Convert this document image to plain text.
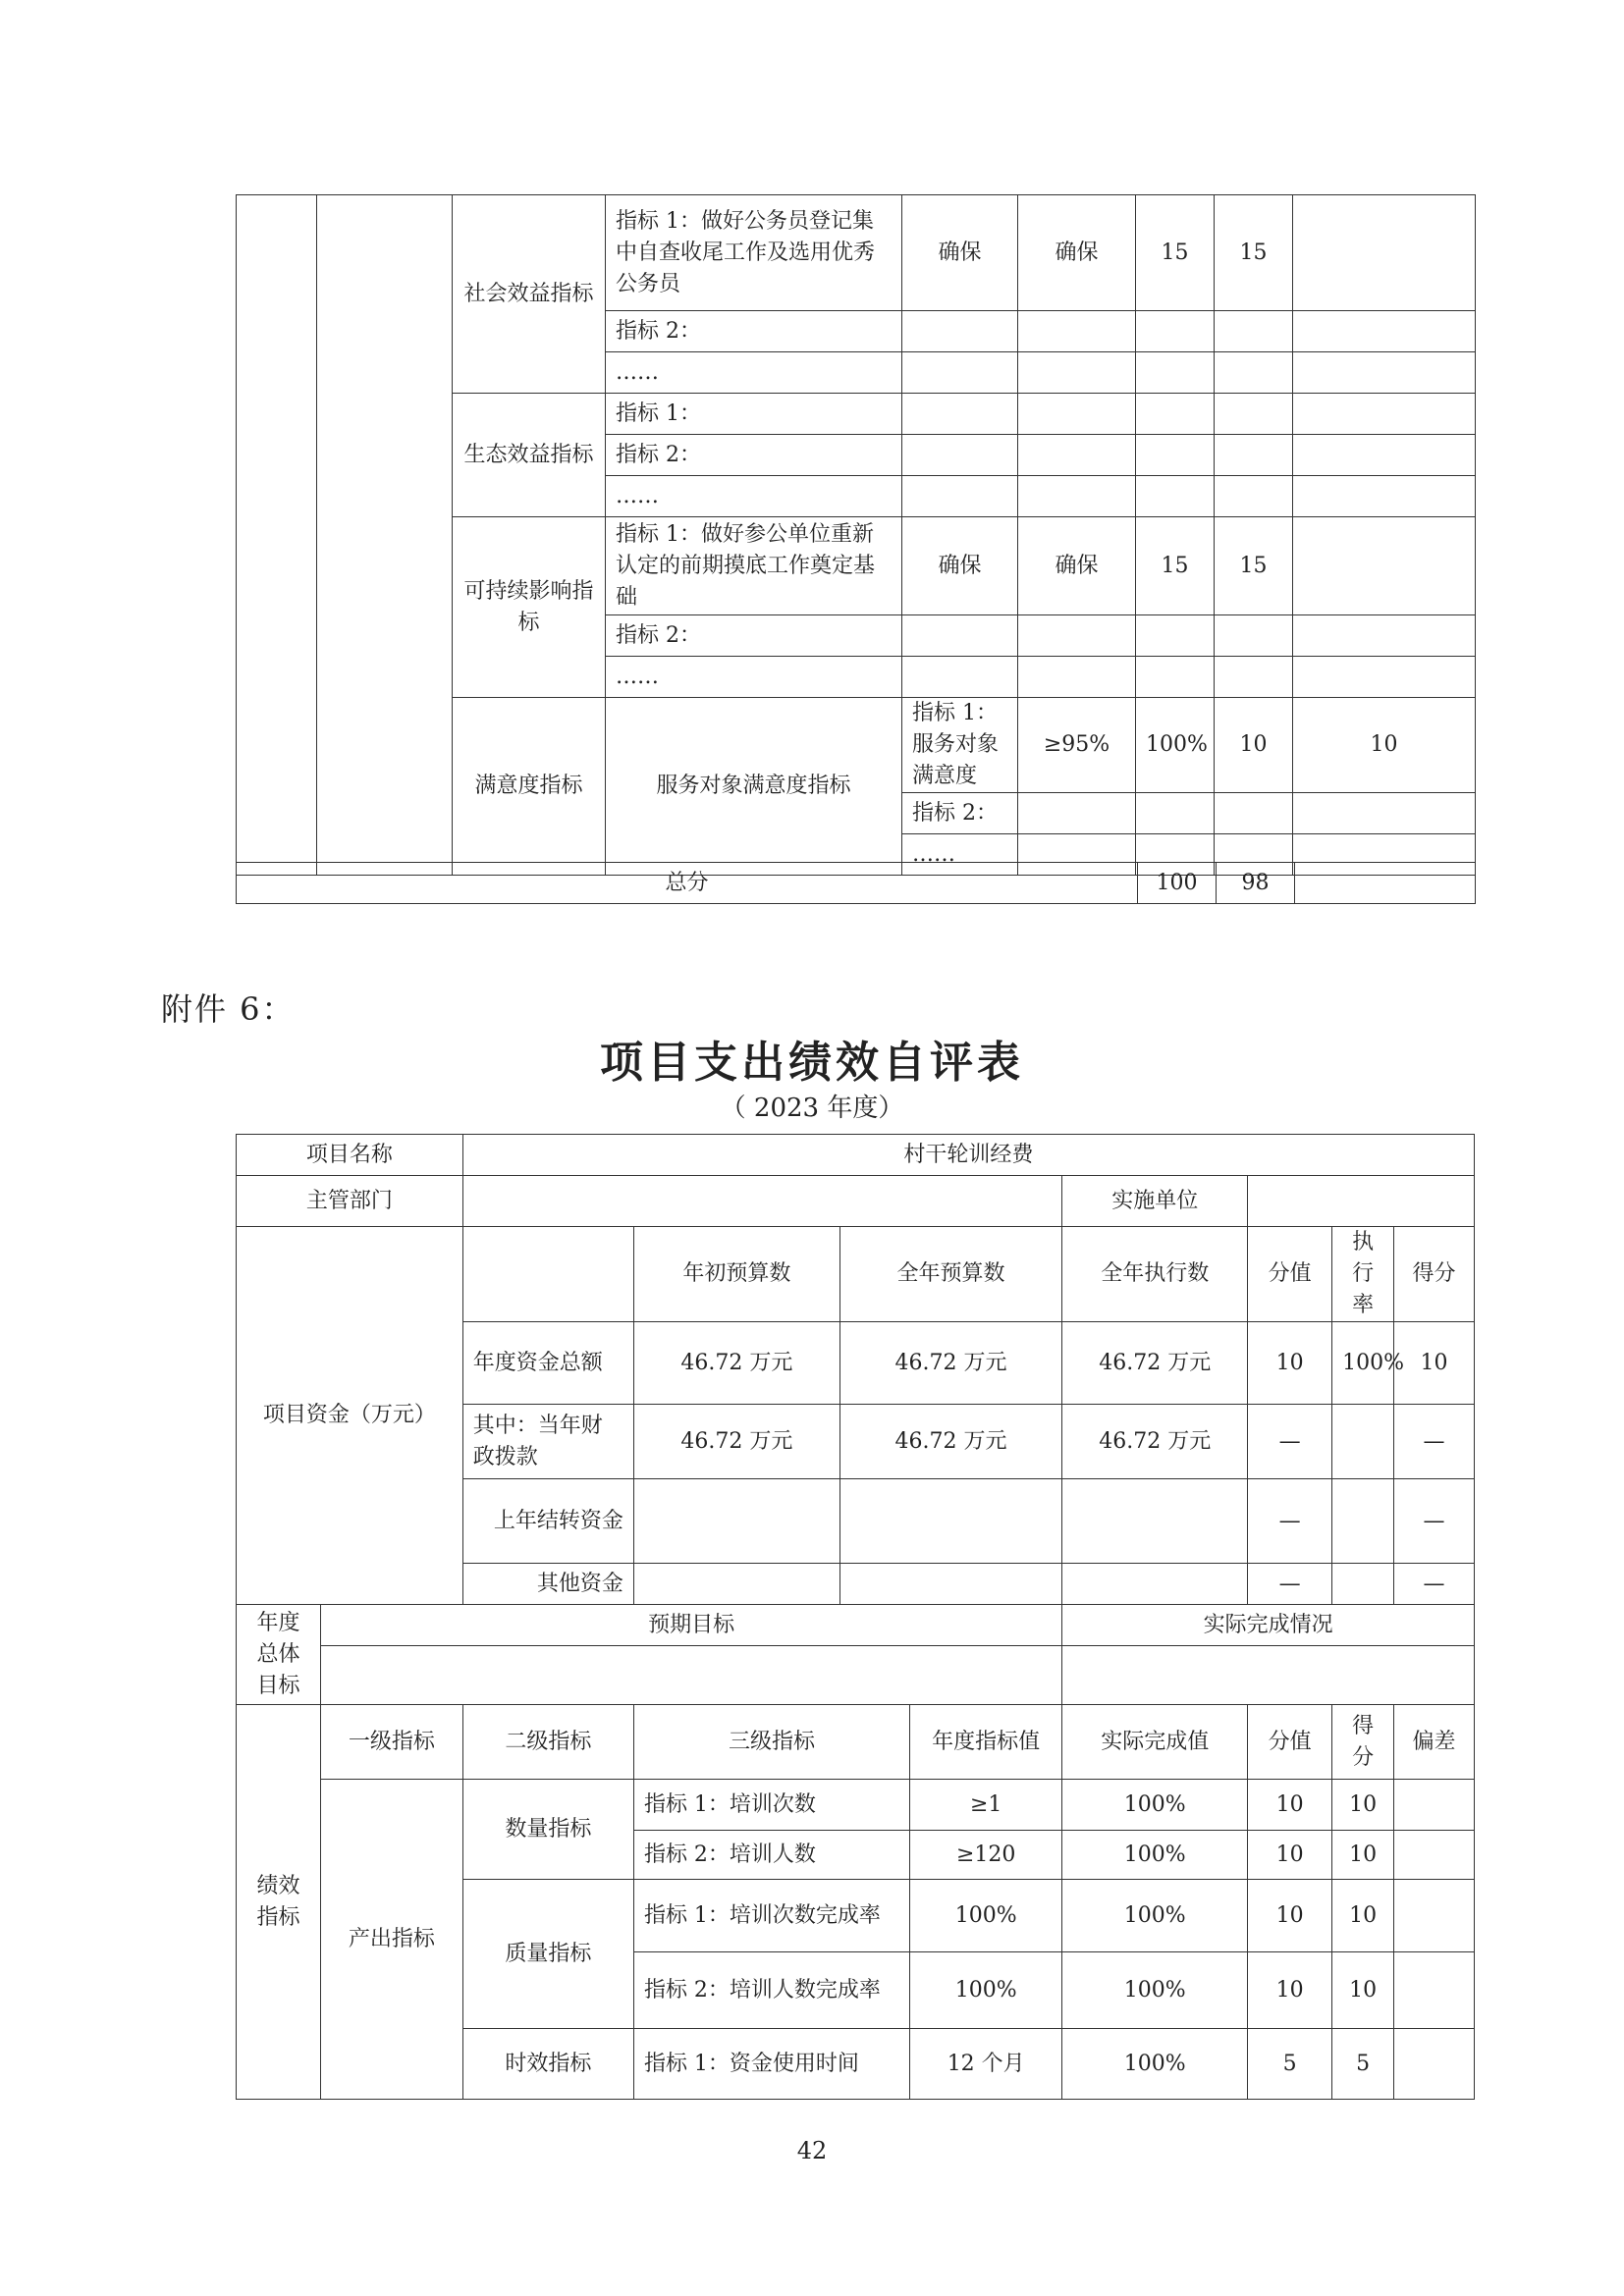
		社会效益指标	指标 1：做好公务员登记集中自查收尾工作及选用优秀公务员	确保	确保	15	15		
			指标 2：						
			……						
		生态效益指标	指标 1：						
			指标 2：						
			……						
		可持续影响指标	指标 1：做好参公单位重新认定的前期摸底工作奠定基础	确保	确保	15	15		
			指标 2：						
			……						
		满意度指标	服务对象满意度指标	指标 1：服务对象满意度	≥95%	100%	10	10	
				指标 2：					
				……					
总分	100	98	
附件 6：
项目支出绩效自评表
（ 2023 年度）
项目名称		村干轮训经费							
主管部门						实施单位			
项目资金（万元）			年初预算数	全年预算数		全年执行数	分值	执行率	得分
		年度资金总额	46.72 万元	46.72 万元		46.72 万元	10	100%	10
		其中：当年财政拨款	46.72 万元	46.72 万元		46.72 万元	—		—
		上年结转资金					—		—
		其他资金					—		—
年度总体目标	预期目标					实际完成情况			

绩效指标	一级指标	二级指标	三级指标		年度指标值	实际完成值	分值	得分	偏差
	产出指标	数量指标	指标 1：培训次数		≥1	100%	10	10	
			指标 2：培训人数		≥120	100%	10	10	
		质量指标	指标 1：培训次数完成率		100%	100%	10	10	
			指标 2：培训人数完成率		100%	100%	10	10	
		时效指标	指标 1：资金使用时间		12 个月	100%	5	5	
42
